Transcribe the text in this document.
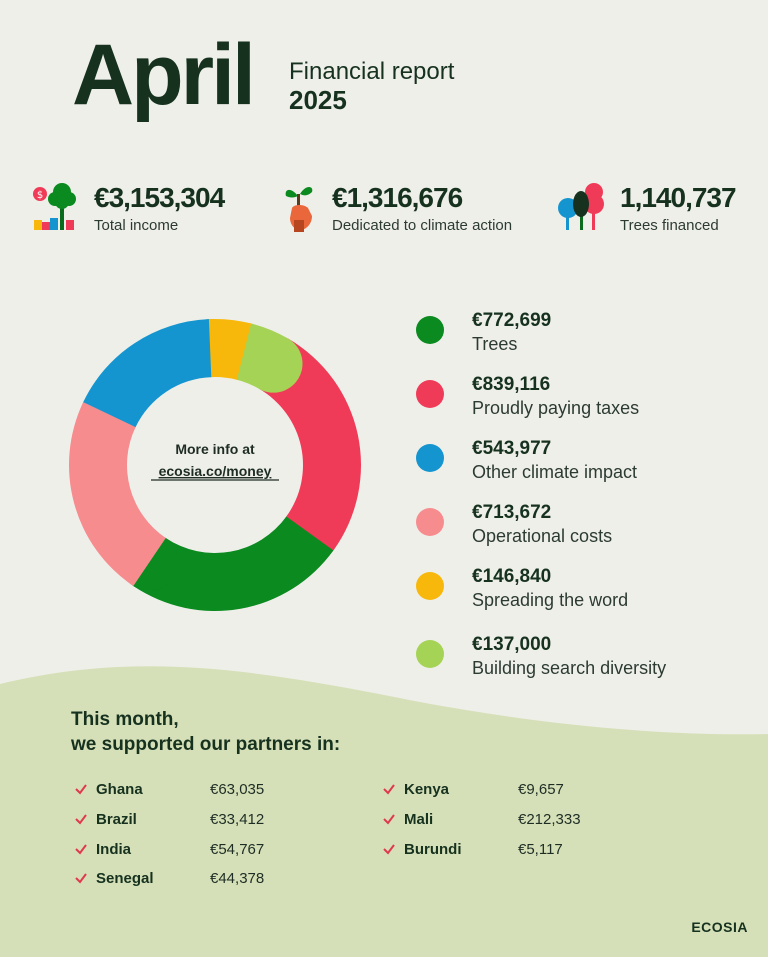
April Financial report
2025
$ €3,153,304
Total income
€1,316,676
Dedicated to climate action
1,140,737
Trees financed
More info at
ecosia.co/money
€772,699
Trees
€839,116
Proudly paying taxes
€543,977
Other climate impact
€713,672
Operational costs
€146,840
Spreading the word
€137,000
Building search diversity
This month,
we supported our partners in:
Ghana	€63,035
Brazil	€33,412
India	€54,767
Senegal	€44,378
Kenya	€9,657
Mali	€212,333
Burundi	€5,117
ECOSIA
